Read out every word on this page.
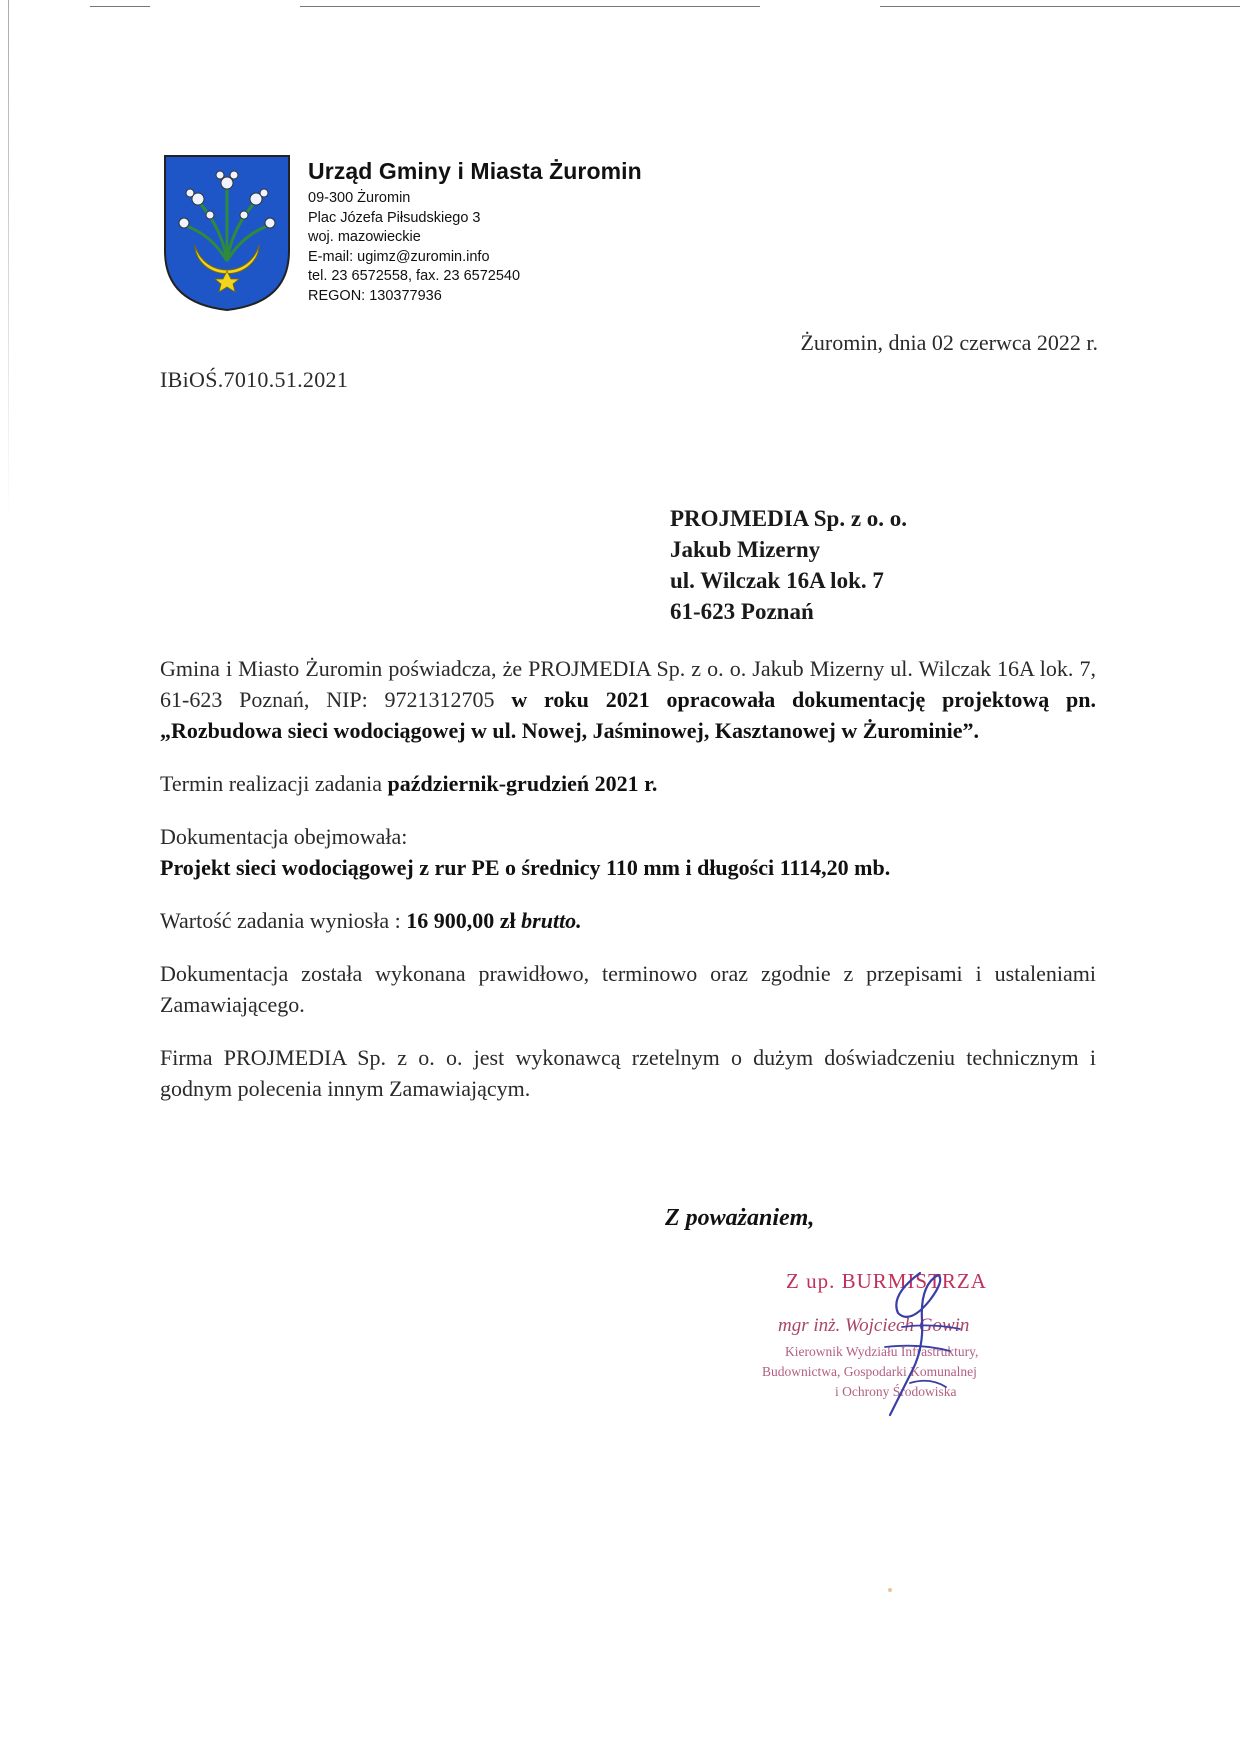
Urząd Gminy i Miasta Żuromin
09-300 Żuromin
Plac Józefa Piłsudskiego 3
woj. mazowieckie
E-mail: ugimz@zuromin.info
tel. 23 6572558, fax. 23 6572540
REGON: 130377936
Żuromin, dnia 02 czerwca 2022 r.
IBiOŚ.7010.51.2021
PROJMEDIA Sp. z o. o.
Jakub Mizerny
ul. Wilczak 16A lok. 7
61-623 Poznań

Gmina i Miasto Żuromin poświadcza, że PROJMEDIA Sp. z o. o. Jakub Mizerny ul. Wilczak 16A lok. 7, 61-623 Poznań, NIP: 9721312705 w roku 2021 opracowała dokumentację projektową pn. „Rozbudowa sieci wodociągowej w ul. Nowej, Jaśminowej, Kasztanowej w Żurominie”.

Termin realizacji zadania październik-grudzień 2021 r.

Dokumentacja obejmowała:

Projekt sieci wodociągowej z rur PE o średnicy 110 mm i długości 1114,20 mb.

Wartość zadania wyniosła : 16 900,00 zł brutto.

Dokumentacja została wykonana prawidłowo, terminowo oraz zgodnie z przepisami i ustaleniami Zamawiającego.

Firma PROJMEDIA Sp. z o. o. jest wykonawcą rzetelnym o dużym doświadczeniu technicznym i godnym polecenia innym Zamawiającym.

Z poważaniem,
Z up. BURMISTRZA
mgr inż. Wojciech Gowin
Kierownik Wydziału Infrastruktury,
Budownictwa, Gospodarki Komunalnej
i Ochrony Środowiska
